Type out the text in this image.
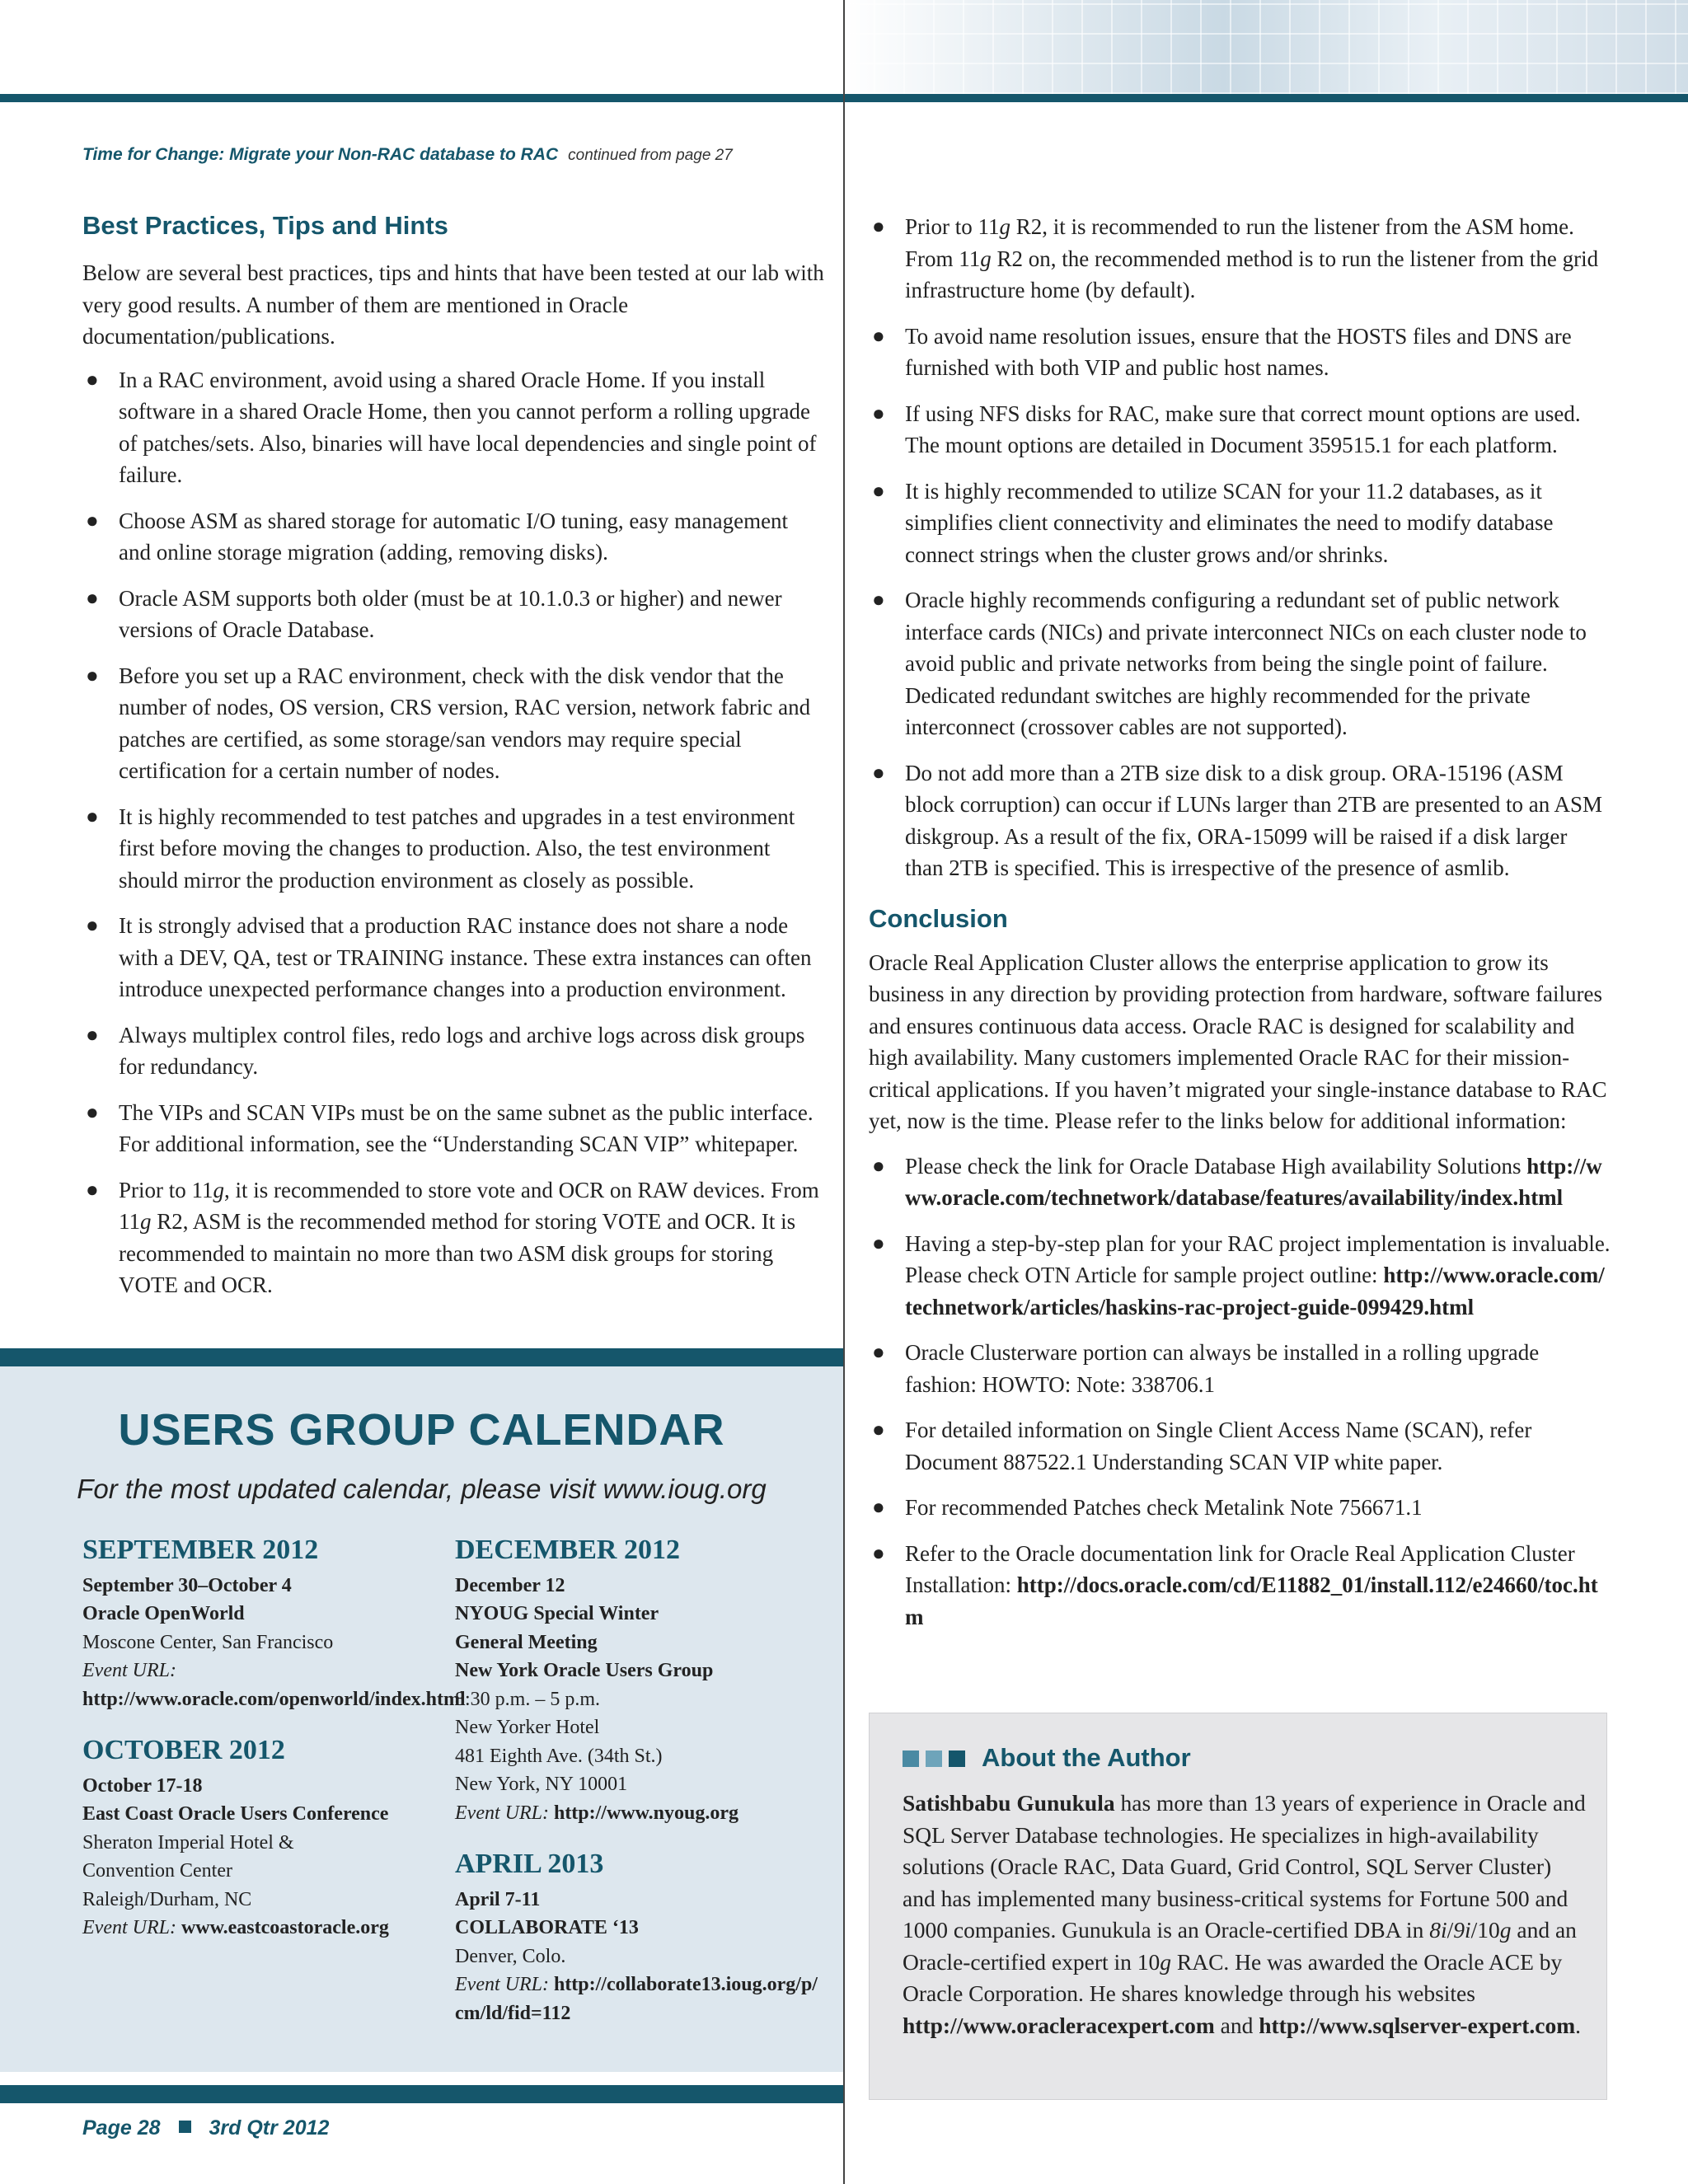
Time for Change: Migrate your Non-RAC database to RAC continued from page 27
Best Practices, Tips and Hints

Below are several best practices, tips and hints that have been tested at our lab with very good results. A number of them are mentioned in Oracle documentation/publications.

● In a RAC environment, avoid using a shared Oracle Home. If you install software in a shared Oracle Home, then you cannot perform a rolling upgrade of patches/sets. Also, binaries will have local dependencies and single point of failure.
● Choose ASM as shared storage for automatic I/O tuning, easy management and online storage migration (adding, removing disks).
● Oracle ASM supports both older (must be at 10.1.0.3 or higher) and newer versions of Oracle Database.
● Before you set up a RAC environment, check with the disk vendor that the number of nodes, OS version, CRS version, RAC version, network fabric and patches are certified, as some storage/san vendors may require special certification for a certain number of nodes.
● It is highly recommended to test patches and upgrades in a test environment first before moving the changes to production. Also, the test environment should mirror the production environment as closely as possible.
● It is strongly advised that a production RAC instance does not share a node with a DEV, QA, test or TRAINING instance. These extra instances can often introduce unexpected performance changes into a production environment.
● Always multiplex control files, redo logs and archive logs across disk groups for redundancy.
● The VIPs and SCAN VIPs must be on the same subnet as the public interface. For additional information, see the “Understanding SCAN VIP” whitepaper.
● Prior to 11g, it is recommended to store vote and OCR on RAW devices. From 11g R2, ASM is the recommended method for storing VOTE and OCR. It is recommended to maintain no more than two ASM disk groups for storing VOTE and OCR.
USERS GROUP CALENDAR
For the most updated calendar, please visit www.ioug.org
SEPTEMBER 2012

September 30–October 4

Oracle OpenWorld

Moscone Center, San Francisco

Event URL: http://www.oracle.com/openworld/index.html

OCTOBER 2012

October 17-18

East Coast Oracle Users Conference

Sheraton Imperial Hotel &

Convention Center

Raleigh/Durham, NC

Event URL: www.eastcoastoracle.org

DECEMBER 2012

December 12

NYOUG Special Winter

General Meeting

New York Oracle Users Group

8:30 p.m. – 5 p.m.

New Yorker Hotel

481 Eighth Ave. (34th St.)

New York, NY 10001

Event URL: http://www.nyoug.org

APRIL 2013

April 7-11

COLLABORATE ‘13

Denver, Colo.

Event URL: http://collaborate13.ioug.org/p/cm/ld/fid=112

Page 28 3rd Qtr 2012
● Prior to 11g R2, it is recommended to run the listener from the ASM home. From 11g R2 on, the recommended method is to run the listener from the grid infrastructure home (by default).
● To avoid name resolution issues, ensure that the HOSTS files and DNS are furnished with both VIP and public host names.
● If using NFS disks for RAC, make sure that correct mount options are used. The mount options are detailed in Document 359515.1 for each platform.
● It is highly recommended to utilize SCAN for your 11.2 databases, as it simplifies client connectivity and eliminates the need to modify database connect strings when the cluster grows and/or shrinks.
● Oracle highly recommends configuring a redundant set of public network interface cards (NICs) and private interconnect NICs on each cluster node to avoid public and private networks from being the single point of failure. Dedicated redundant switches are highly recommended for the private interconnect (crossover cables are not supported).
● Do not add more than a 2TB size disk to a disk group. ORA-15196 (ASM block corruption) can occur if LUNs larger than 2TB are presented to an ASM diskgroup. As a result of the fix, ORA-15099 will be raised if a disk larger than 2TB is specified. This is irrespective of the presence of asmlib.
Conclusion

Oracle Real Application Cluster allows the enterprise application to grow its business in any direction by providing protection from hardware, software failures and ensures continuous data access. Oracle RAC is designed for scalability and high availability. Many customers implemented Oracle RAC for their mission-critical applications. If you haven’t migrated your single-instance database to RAC yet, now is the time. Please refer to the links below for additional information:

● Please check the link for Oracle Database High availability Solutions http://www.oracle.com/technetwork/database/features/availability/index.html
● Having a step-by-step plan for your RAC project implementation is invaluable. Please check OTN Article for sample project outline: http://www.oracle.com/technetwork/articles/haskins-rac-project-guide-099429.html
● Oracle Clusterware portion can always be installed in a rolling upgrade fashion: HOWTO: Note: 338706.1
● For detailed information on Single Client Access Name (SCAN), refer Document 887522.1 Understanding SCAN VIP white paper.
● For recommended Patches check Metalink Note 756671.1
● Refer to the Oracle documentation link for Oracle Real Application Cluster Installation: http://docs.oracle.com/cd/E11882_01/install.112/e24660/toc.htm
About the Author

Satishbabu Gunukula has more than 13 years of experience in Oracle and SQL Server Database technologies. He specializes in high-availability solutions (Oracle RAC, Data Guard, Grid Control, SQL Server Cluster) and has implemented many business-critical systems for Fortune 500 and 1000 companies. Gunukula is an Oracle-certified DBA in 8i/9i/10g and an Oracle-certified expert in 10g RAC. He was awarded the Oracle ACE by Oracle Corporation. He shares knowledge through his websites http://www.oracleracexpert.com and http://www.sqlserver-expert.com.
